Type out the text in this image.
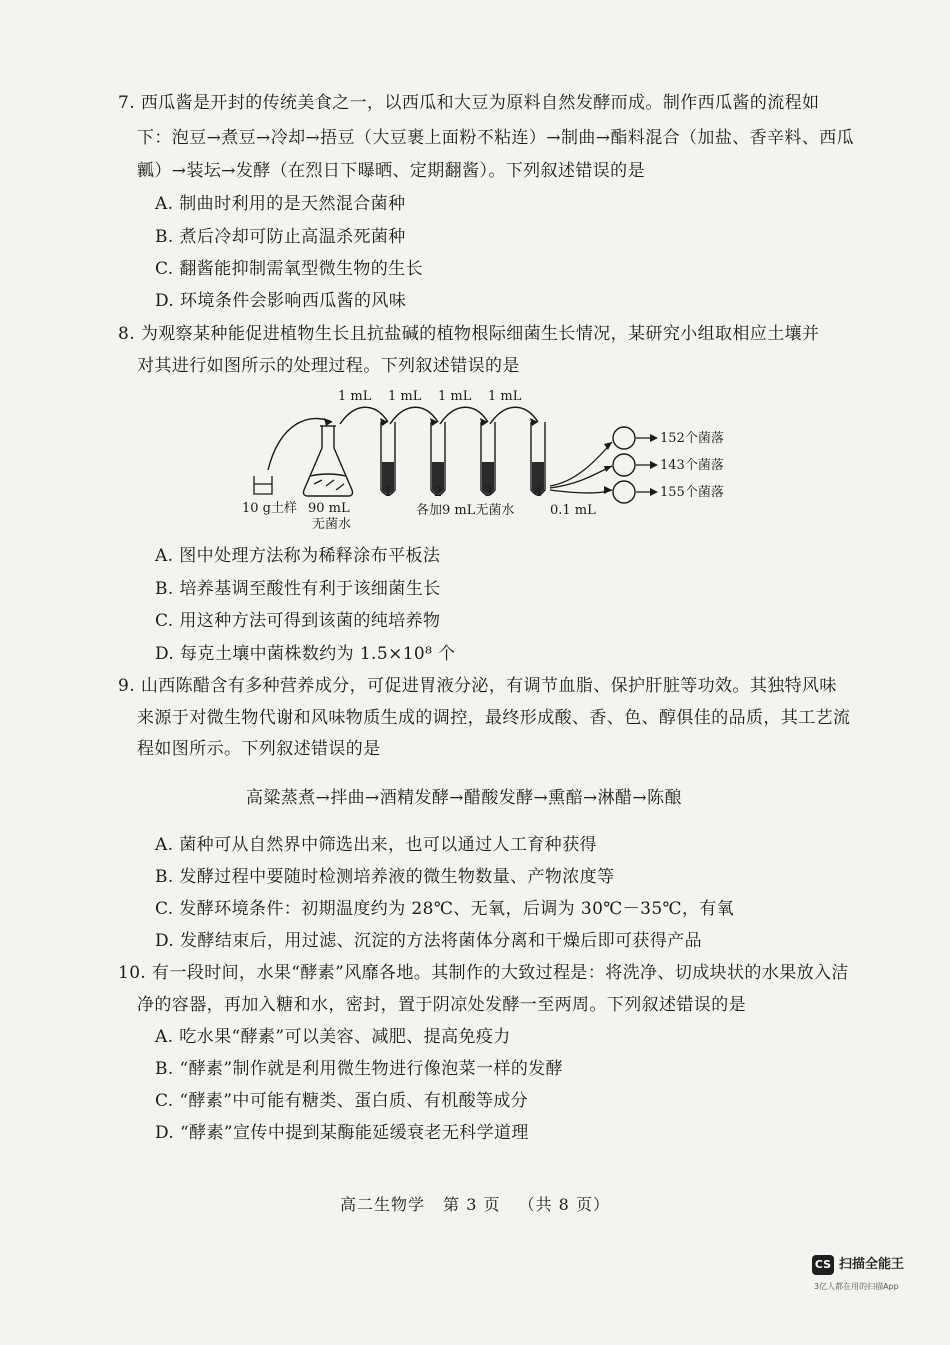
7. 西瓜酱是开封的传统美食之一，以西瓜和大豆为原料自然发酵而成。制作西瓜酱的流程如
下：泡豆→煮豆→冷却→捂豆（大豆裹上面粉不粘连）→制曲→酯料混合（加盐、香辛料、西瓜
瓤）→装坛→发酵（在烈日下曝晒、定期翻酱）。下列叙述错误的是
A. 制曲时利用的是天然混合菌种
B. 煮后冷却可防止高温杀死菌种
C. 翻酱能抑制需氧型微生物的生长
D. 环境条件会影响西瓜酱的风味
8. 为观察某种能促进植物生长且抗盐碱的植物根际细菌生长情况，某研究小组取相应土壤并
对其进行如图所示的处理过程。下列叙述错误的是
1 mL 1 mL 1 mL 1 mL
10 g土样 90 mL
无菌水
1	2	3	4
各加9 mL无菌水	0.1 mL
152个菌落
143个菌落
155个菌落
A. 图中处理方法称为稀释涂布平板法
B. 培养基调至酸性有利于该细菌生长
C. 用这种方法可得到该菌的纯培养物
D. 每克土壤中菌株数约为 1.5×10⁸ 个
9. 山西陈醋含有多种营养成分，可促进胃液分泌，有调节血脂、保护肝脏等功效。其独特风味
来源于对微生物代谢和风味物质生成的调控，最终形成酸、香、色、醇俱佳的品质，其工艺流
程如图所示。下列叙述错误的是
高粱蒸煮→拌曲→酒精发酵→醋酸发酵→熏醅→淋醋→陈酿
A. 菌种可从自然界中筛选出来，也可以通过人工育种获得
B. 发酵过程中要随时检测培养液的微生物数量、产物浓度等
C. 发酵环境条件：初期温度约为 28℃、无氧，后调为 30℃－35℃，有氧
D. 发酵结束后，用过滤、沉淀的方法将菌体分离和干燥后即可获得产品
10. 有一段时间，水果“酵素”风靡各地。其制作的大致过程是：将洗净、切成块状的水果放入洁
净的容器，再加入糖和水，密封，置于阴凉处发酵一至两周。下列叙述错误的是
A. 吃水果“酵素”可以美容、减肥、提高免疫力
B. “酵素”制作就是利用微生物进行像泡菜一样的发酵
C. “酵素”中可能有糖类、蛋白质、有机酸等成分
D. “酵素”宣传中提到某酶能延缓衰老无科学道理
高二生物学 第 3 页 （共 8 页）
CS 扫描全能王
3亿人都在用的扫描App
